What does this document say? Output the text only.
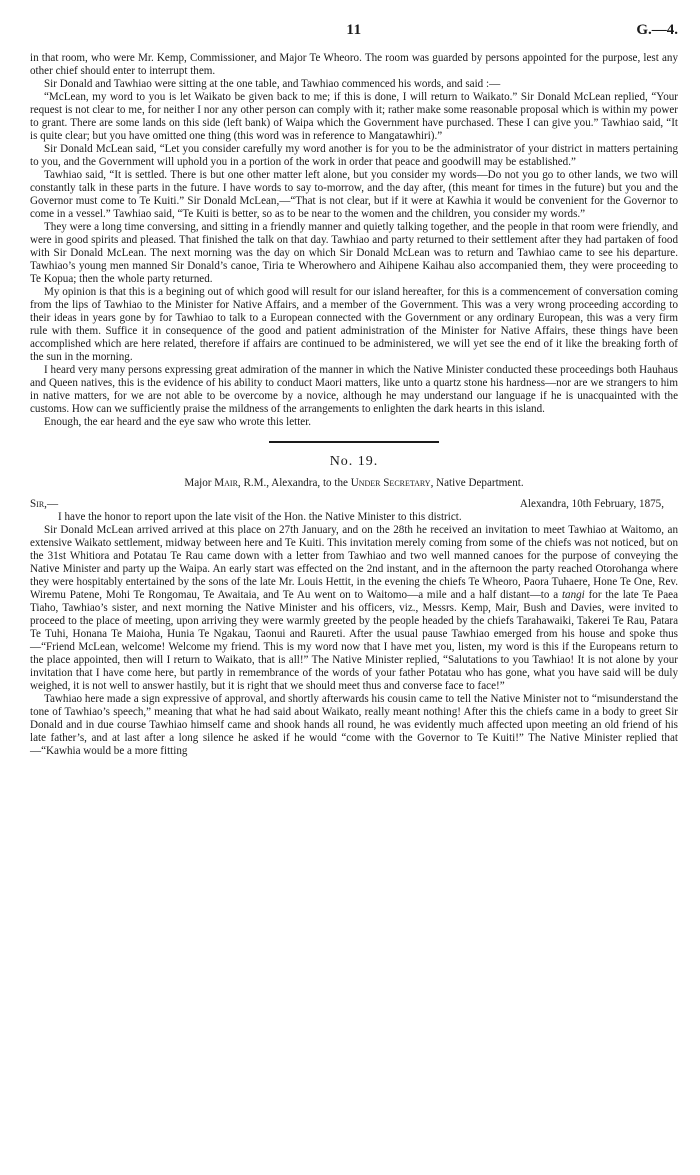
11	G.—4.

in that room, who were Mr. Kemp, Commissioner, and Major Te Wheoro. The room was guarded by persons appointed for the purpose, lest any other chief should enter to interrupt them.

Sir Donald and Tawhiao were sitting at the one table, and Tawhiao commenced his words, and said :—

“McLean, my word to you is let Waikato be given back to me; if this is done, I will return to Waikato.” Sir Donald McLean replied, “Your request is not clear to me, for neither I nor any other person can comply with it; rather make some reasonable proposal which is within my power to grant. There are some lands on this side (left bank) of Waipa which the Government have purchased. These I can give you.” Tawhiao said, “It is quite clear; but you have omitted one thing (this word was in reference to Mangatawhiri).”

Sir Donald McLean said, “Let you consider carefully my word another is for you to be the administrator of your district in matters pertaining to you, and the Government will uphold you in a portion of the work in order that peace and goodwill may be established.”

Tawhiao said, “It is settled. There is but one other matter left alone, but you consider my words—Do not you go to other lands, we two will constantly talk in these parts in the future. I have words to say to-morrow, and the day after, (this meant for times in the future) but you and the Governor must come to Te Kuiti.” Sir Donald McLean,—“That is not clear, but if it were at Kawhia it would be convenient for the Governor to come in a vessel.” Tawhiao said, “Te Kuiti is better, so as to be near to the women and the children, you consider my words.”

They were a long time conversing, and sitting in a friendly manner and quietly talking together, and the people in that room were friendly, and were in good spirits and pleased. That finished the talk on that day. Tawhiao and party returned to their settlement after they had partaken of food with Sir Donald McLean. The next morning was the day on which Sir Donald McLean was to return and Tawhiao came to see his departure. Tawhiao’s young men manned Sir Donald’s canoe, Tiria te Wherowhero and Aihipene Kaihau also accompanied them, they were proceeding to Te Kopua; then the whole party returned.

My opinion is that this is a begining out of which good will result for our island hereafter, for this is a commencement of conversation coming from the lips of Tawhiao to the Minister for Native Affairs, and a member of the Government. This was a very wrong proceeding according to their ideas in years gone by for Tawhiao to talk to a European connected with the Government or any ordinary European, this was a very firm rule with them. Suffice it in consequence of the good and patient administration of the Minister for Native Affairs, these things have been accomplished which are here related, therefore if affairs are continued to be administered, we will yet see the end of it like the breaking forth of the sun in the morning.

I heard very many persons expressing great admiration of the manner in which the Native Minister conducted these proceedings both Hauhaus and Queen natives, this is the evidence of his ability to conduct Maori matters, like unto a quartz stone his hardness—nor are we strangers to him in native matters, for we are not able to be overcome by a novice, although he may understand our language if he is unacquainted with the customs. How can we sufficiently praise the mildness of the arrangements to enlighten the dark hearts in this island.

Enough, the ear heard and the eye saw who wrote this letter.

No. 19.
Major Mair, R.M., Alexandra, to the Under Secretary, Native Department.
Sir,—	Alexandra, 10th February, 1875,

I have the honor to report upon the late visit of the Hon. the Native Minister to this district.

Sir Donald McLean arrived arrived at this place on 27th January, and on the 28th he received an invitation to meet Tawhiao at Waitomo, an extensive Waikato settlement, midway between here and Te Kuiti. This invitation merely coming from some of the chiefs was not noticed, but on the 31st Whitiora and Potatau Te Rau came down with a letter from Tawhiao and two well manned canoes for the purpose of conveying the Native Minister and party up the Waipa. An early start was effected on the 2nd instant, and in the afternoon the party reached Otorohanga where they were hospitably entertained by the sons of the late Mr. Louis Hettit, in the evening the chiefs Te Wheoro, Paora Tuhaere, Hone Te One, Rev. Wiremu Patene, Mohi Te Rongomau, Te Awaitaia, and Te Au went on to Waitomo—a mile and a half distant—to a tangi for the late Te Paea Tiaho, Tawhiao’s sister, and next morning the Native Minister and his officers, viz., Messrs. Kemp, Mair, Bush and Davies, were invited to proceed to the place of meeting, upon arriving they were warmly greeted by the people headed by the chiefs Tarahawaiki, Takerei Te Rau, Patara Te Tuhi, Honana Te Maioha, Hunia Te Ngakau, Taonui and Raureti. After the usual pause Tawhiao emerged from his house and spoke thus—“Friend McLean, welcome! Welcome my friend. This is my word now that I have met you, listen, my word is this if the Europeans return to the place appointed, then will I return to Waikato, that is all!” The Native Minister replied, “Salutations to you Tawhiao! It is not alone by your invitation that I have come here, but partly in remembrance of the words of your father Potatau who has gone, what you have said will be duly weighed, it is not well to answer hastily, but it is right that we should meet thus and converse face to face!”

Tawhiao here made a sign expressive of approval, and shortly afterwards his cousin came to tell the Native Minister not to “misunderstand the tone of Tawhiao’s speech,” meaning that what he had said about Waikato, really meant nothing! After this the chiefs came in a body to greet Sir Donald and in due course Tawhiao himself came and shook hands all round, he was evidently much affected upon meeting an old friend of his late father’s, and at last after a long silence he asked if he would “come with the Governor to Te Kuiti!” The Native Minister replied that—“Kawhia would be a more fitting
